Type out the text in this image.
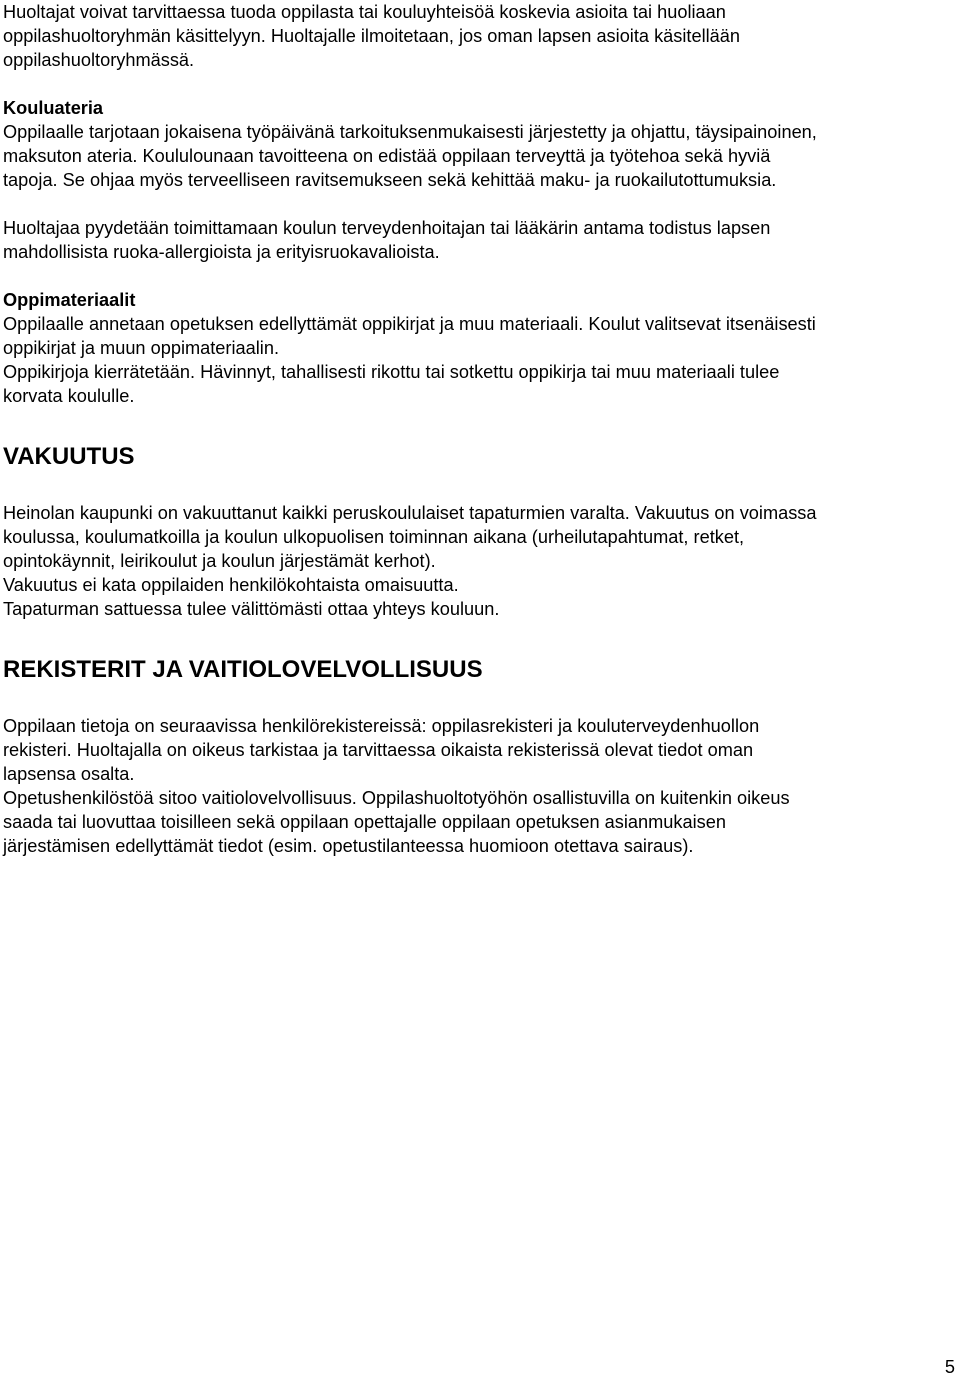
Huoltajat voivat tarvittaessa tuoda oppilasta tai kouluyhteisöä koskevia asioita tai huoliaan

oppilashuoltoryhmän käsittelyyn. Huoltajalle ilmoitetaan, jos oman lapsen asioita käsitellään

oppilashuoltoryhmässä.

Kouluateria

Oppilaalle tarjotaan jokaisena työpäivänä tarkoituksenmukaisesti järjestetty ja ohjattu, täysipainoinen,

maksuton ateria. Koululounaan tavoitteena on edistää oppilaan terveyttä ja työtehoa sekä hyviä

tapoja. Se ohjaa myös terveelliseen ravitsemukseen sekä kehittää maku- ja ruokailutottumuksia.

Huoltajaa pyydetään toimittamaan koulun terveydenhoitajan tai lääkärin antama todistus lapsen

mahdollisista ruoka-allergioista ja erityisruokavalioista.

Oppimateriaalit

Oppilaalle annetaan opetuksen edellyttämät oppikirjat ja muu materiaali. Koulut valitsevat itsenäisesti

oppikirjat ja muun oppimateriaalin.

Oppikirjoja kierrätetään. Hävinnyt, tahallisesti rikottu tai sotkettu oppikirja tai muu materiaali tulee

korvata koululle.

VAKUUTUS

Heinolan kaupunki on vakuuttanut kaikki peruskoululaiset tapaturmien varalta. Vakuutus on voimassa

koulussa, koulumatkoilla ja koulun ulkopuolisen toiminnan aikana (urheilutapahtumat, retket,

opintokäynnit, leirikoulut ja koulun järjestämät kerhot).

Vakuutus ei kata oppilaiden henkilökohtaista omaisuutta.

Tapaturman sattuessa tulee välittömästi ottaa yhteys kouluun.

REKISTERIT JA VAITIOLOVELVOLLISUUS

Oppilaan tietoja on seuraavissa henkilörekistereissä: oppilasrekisteri ja kouluterveydenhuollon

rekisteri. Huoltajalla on oikeus tarkistaa ja tarvittaessa oikaista rekisterissä olevat tiedot oman

lapsensa osalta.

Opetushenkilöstöä sitoo vaitiolovelvollisuus. Oppilashuoltotyöhön osallistuvilla on kuitenkin oikeus

saada tai luovuttaa toisilleen sekä oppilaan opettajalle oppilaan opetuksen asianmukaisen

järjestämisen edellyttämät tiedot (esim. opetustilanteessa huomioon otettava sairaus).

5
